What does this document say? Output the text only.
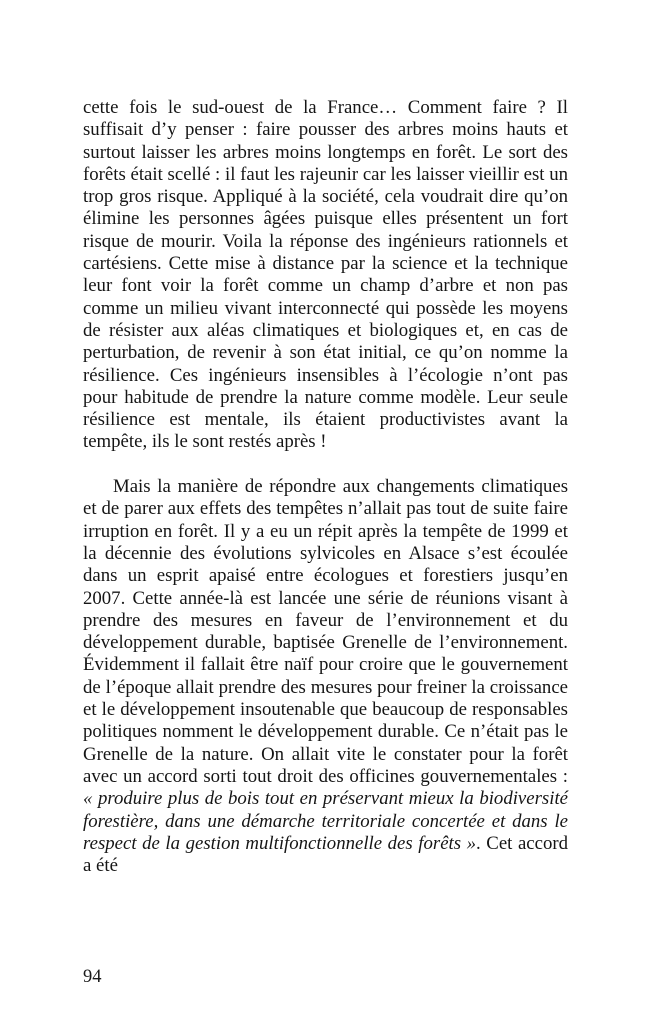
cette fois le sud-ouest de la France… Comment faire ? Il suffisait d’y penser : faire pousser des arbres moins hauts et surtout laisser les arbres moins longtemps en forêt. Le sort des forêts était scellé : il faut les rajeunir car les laisser vieillir est un trop gros risque. Appliqué à la société, cela voudrait dire qu’on élimine les personnes âgées puisque elles présentent un fort risque de mourir. Voila la réponse des ingénieurs rationnels et cartésiens. Cette mise à distance par la science et la technique leur font voir la forêt comme un champ d’arbre et non pas comme un milieu vivant interconnecté qui possède les moyens de résister aux aléas climatiques et biologiques et, en cas de perturbation, de revenir à son état initial, ce qu’on nomme la résilience. Ces ingénieurs insensibles à l’écologie n’ont pas pour habitude de prendre la nature comme modèle. Leur seule résilience est mentale, ils étaient productivistes avant la tempête, ils le sont restés après !

Mais la manière de répondre aux changements climatiques et de parer aux effets des tempêtes n’allait pas tout de suite faire irruption en forêt. Il y a eu un répit après la tempête de 1999 et la décennie des évolutions sylvicoles en Alsace s’est écoulée dans un esprit apaisé entre écologues et forestiers jusqu’en 2007. Cette année-là est lancée une série de réunions visant à prendre des mesures en faveur de l’environnement et du développement durable, baptisée Grenelle de l’environnement. Évidemment il fallait être naïf pour croire que le gouvernement de l’époque allait prendre des mesures pour freiner la croissance et le développement insoutenable que beaucoup de responsables politiques nomment le développement durable. Ce n’était pas le Grenelle de la nature. On allait vite le constater pour la forêt avec un accord sorti tout droit des officines gouvernementales : « produire plus de bois tout en préservant mieux la biodiversité forestière, dans une démarche territoriale concertée et dans le respect de la gestion multifonctionnelle des forêts ». Cet accord a été

94
